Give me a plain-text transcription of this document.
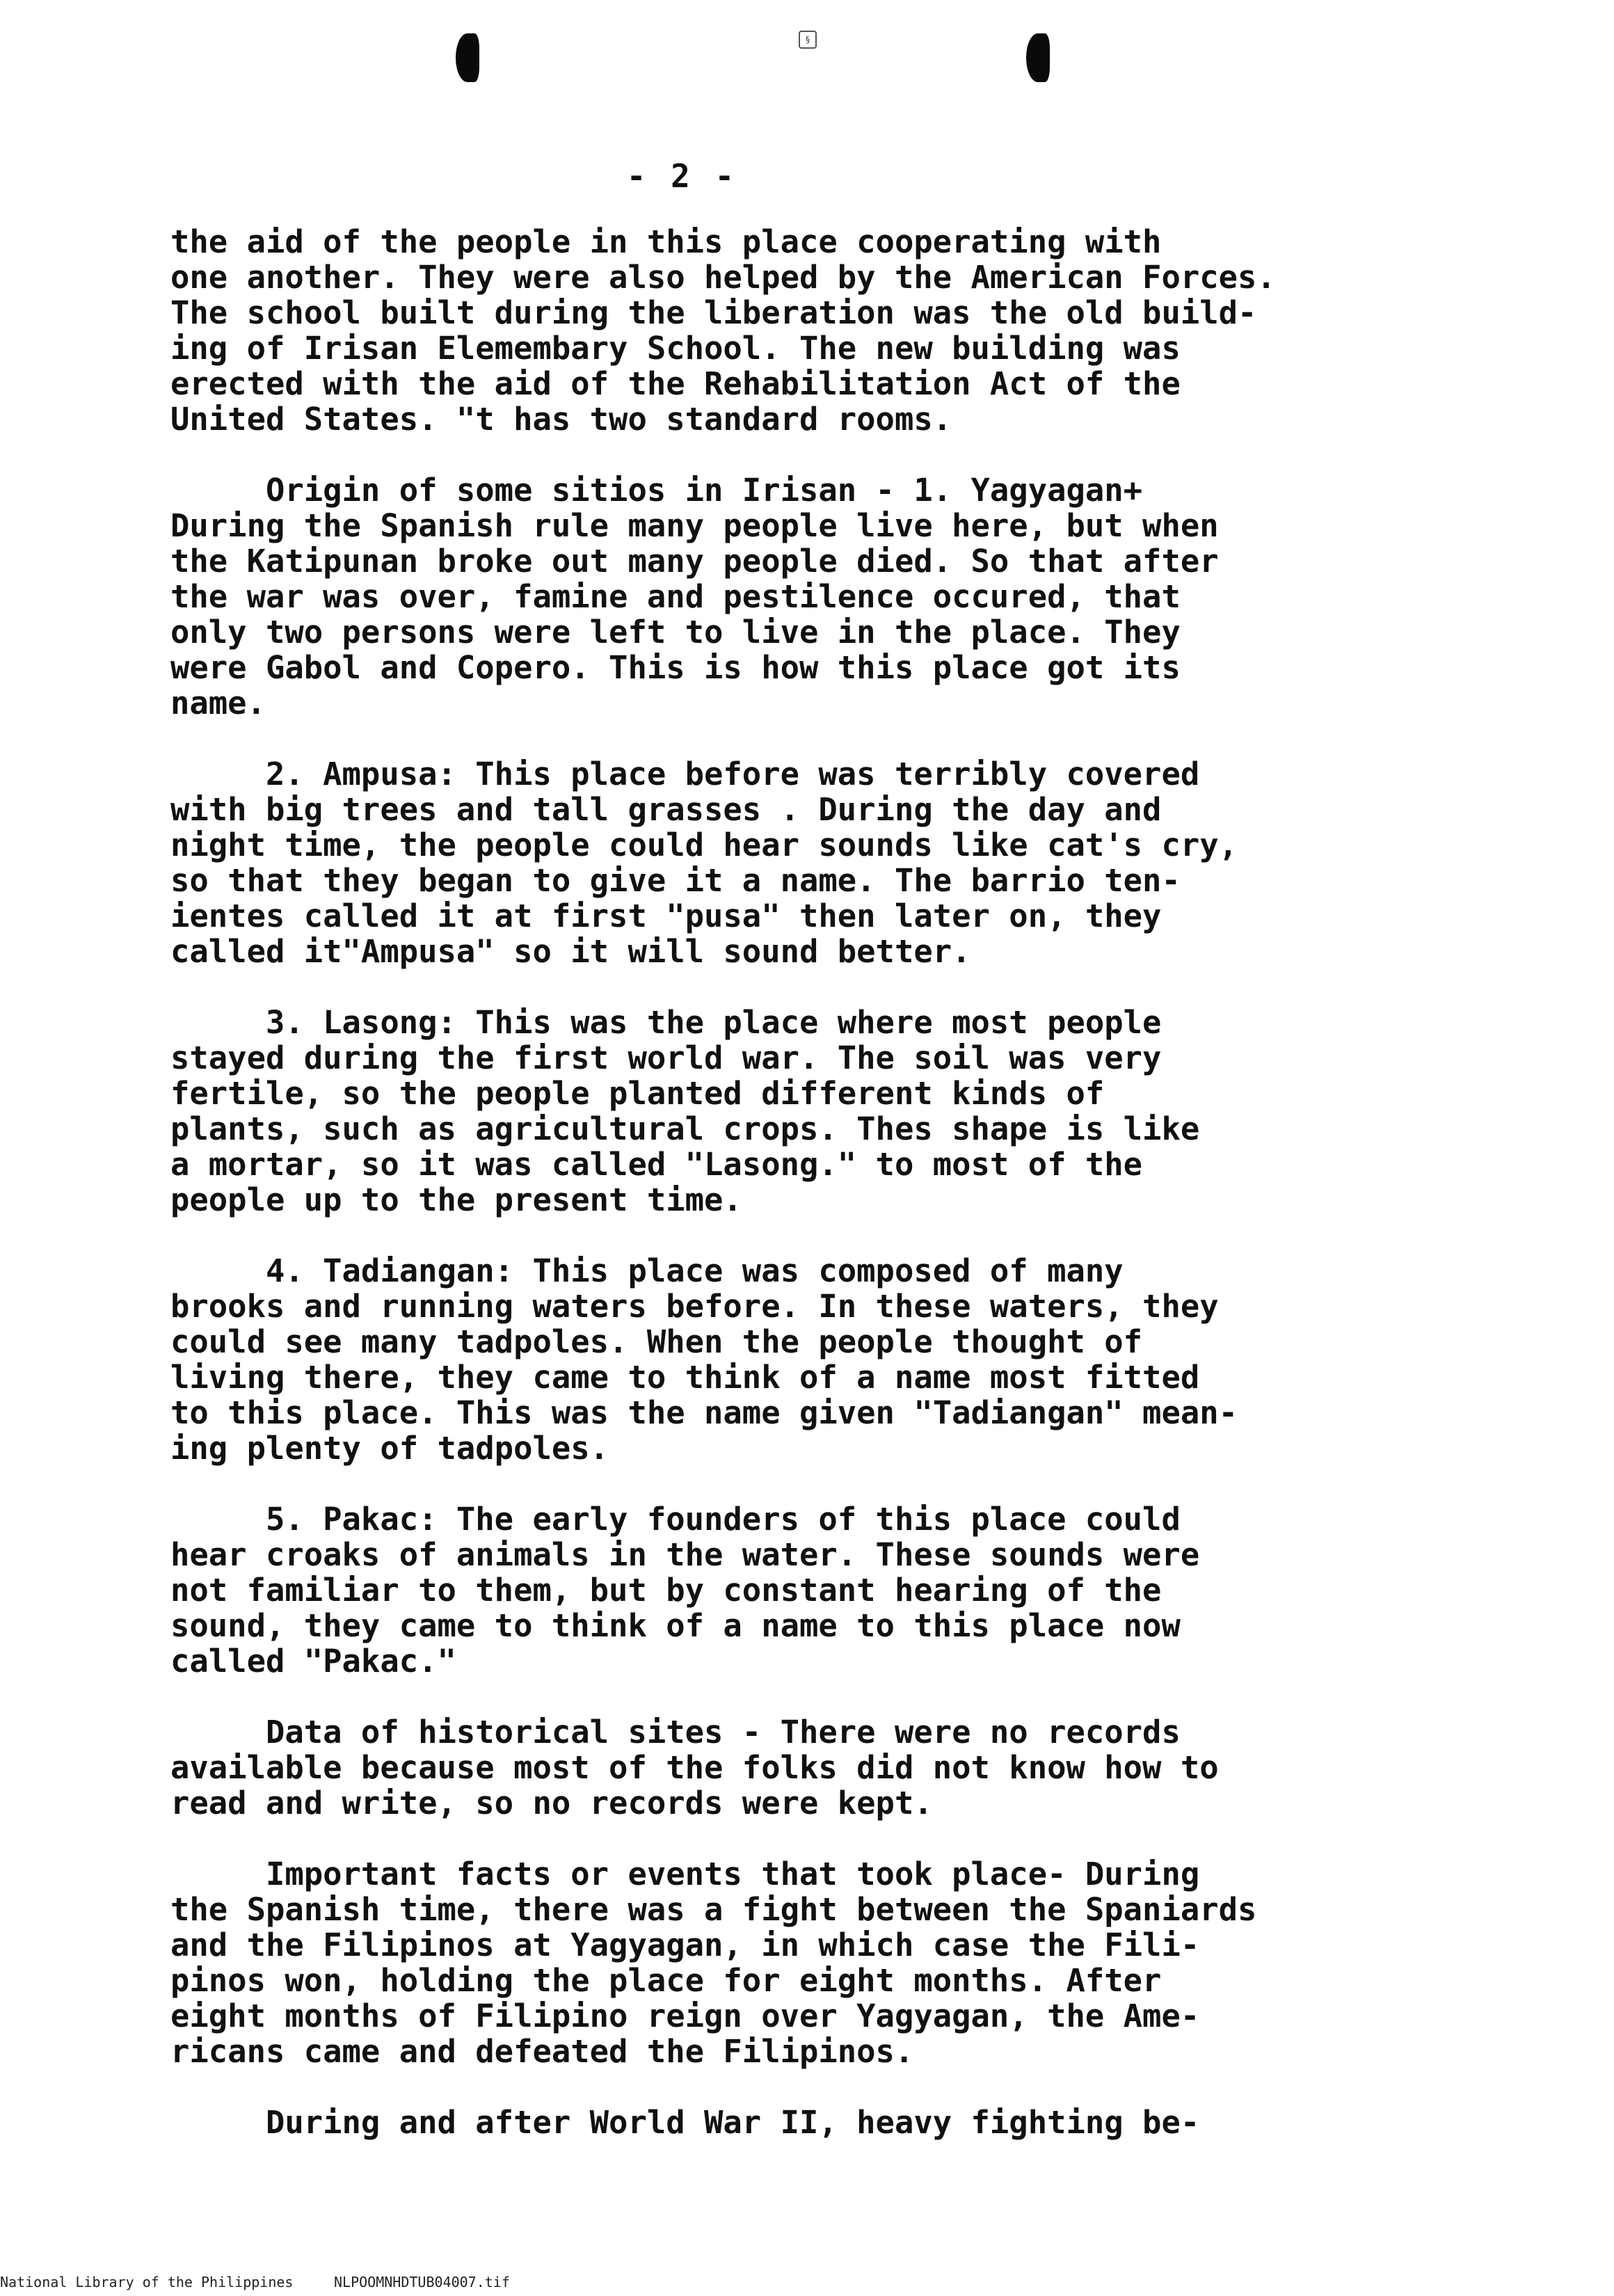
§
- 2 -
the aid of the people in this place cooperating with
one another. They were also helped by the American Forces.
The school built during the liberation was the old build-
ing of Irisan Elemembary School. The new building was
erected with the aid of the Rehabilitation Act of the
United States. "t has two standard rooms.
Origin of some sitios in Irisan - 1. Yagyagan+
During the Spanish rule many people live here, but when
the Katipunan broke out many people died. So that after
the war was over, famine and pestilence occured, that
only two persons were left to live in the place. They
were Gabol and Copero. This is how this place got its
name.
2. Ampusa: This place before was terribly covered
with big trees and tall grasses . During the day and
night time, the people could hear sounds like cat's cry,
so that they began to give it a name. The barrio ten-
ientes called it at first "pusa" then later on, they
called it"Ampusa" so it will sound better.
3. Lasong: This was the place where most people
stayed during the first world war. The soil was very
fertile, so the people planted different kinds of
plants, such as agricultural crops. Thes shape is like
a mortar, so it was called "Lasong." to most of the
people up to the present time.
4. Tadiangan: This place was composed of many
brooks and running waters before. In these waters, they
could see many tadpoles. When the people thought of
living there, they came to think of a name most fitted
to this place. This was the name given "Tadiangan" mean-
ing plenty of tadpoles.
5. Pakac: The early founders of this place could
hear croaks of animals in the water. These sounds were
not familiar to them, but by constant hearing of the
sound, they came to think of a name to this place now
called "Pakac."
Data of historical sites - There were no records
available because most of the folks did not know how to
read and write, so no records were kept.
Important facts or events that took place- During
the Spanish time, there was a fight between the Spaniards
and the Filipinos at Yagyagan, in which case the Fili-
pinos won, holding the place for eight months. After
eight months of Filipino reign over Yagyagan, the Ame-
ricans came and defeated the Filipinos.
During and after World War II, heavy fighting be-
National Library of the Philippines	NLPOOMNHDTUB04007.tif
